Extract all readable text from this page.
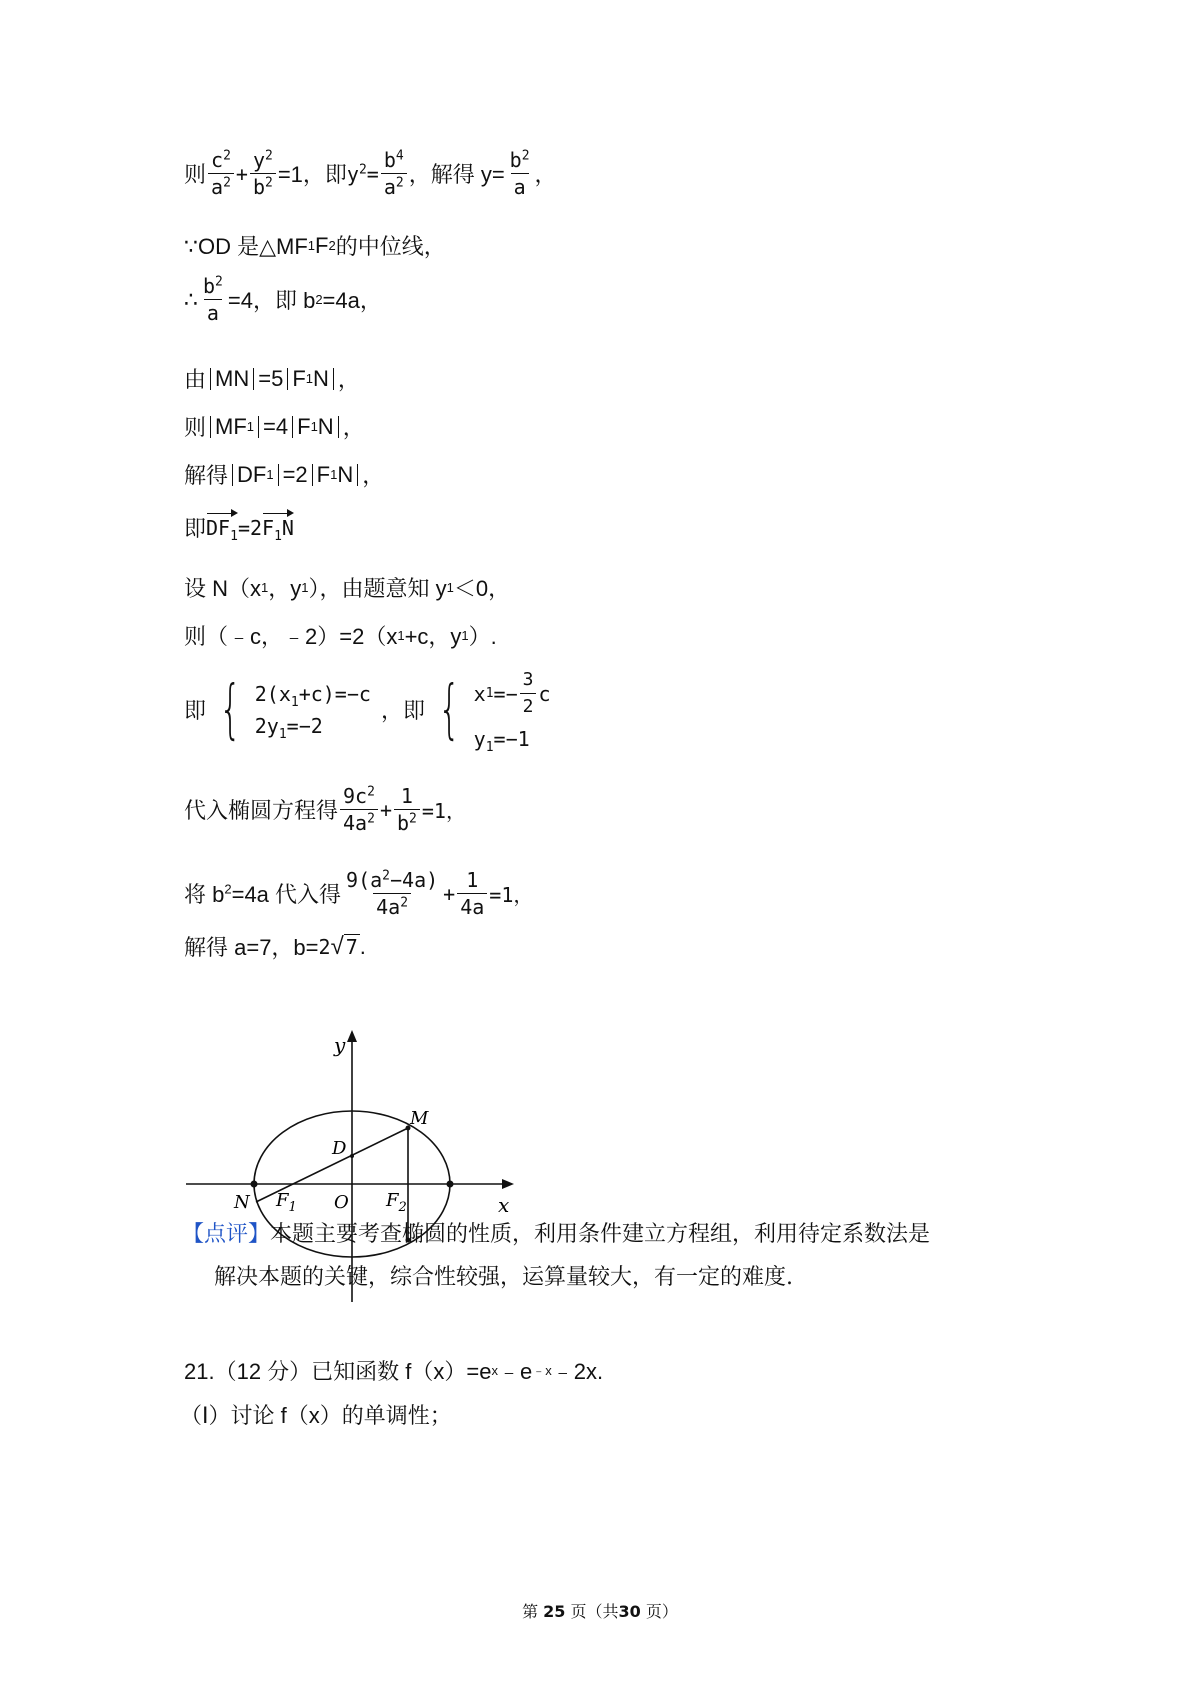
则 $\frac{c^2}{a^2} + \frac{y^2}{b^2} =1$，即 $y^2= \frac{b^4}{a^2}$ ，解得 $y= \frac{b^2}{a}$ ，
∵OD 是△MF 1 F 2 的中位线，
∴ $\frac{b^2}{a} =4$，即 b 2 =4a，
由 MN =5 F 1 N ，
则 MF 1 =4 F 1 N ，
解得 DF 1 =2 F 1 N ，
即 $DF_1 =2$ $F_1N$
设 N（x 1 ，y 1 ），由题意知 y 1 ＜0，
则（﹣c，﹣2）=2（x 1 +c，y 1 ）.
即 { $2(x_1+c)=-c$
$2y_1=-2$
，即 { x $1 =- \frac{3}{2}$ c
$y_1=-1$
代入椭圆方程得 $\frac{9c^2}{4a^2} + \frac{1}{b^2} =1$，
将 $b^2=4a$ 代入得 $\frac{9(a^2-4a)}{4a^2} + \frac{1}{4a} =1$，
解得 a=7，b= 2 √ 7 .
y
x
M
D
N $F_1$ O $F_2$
【点评】本题主要考查椭圆的性质，利用条件建立方程组，利用待定系数法是
解决本题的关键，综合性较强，运算量较大，有一定的难度.
21.（12 分）已知函数 f（x）=e x ﹣e ﹣x ﹣2x.
（Ⅰ）讨论 f（x）的单调性；
第 25 页（共30 页）
